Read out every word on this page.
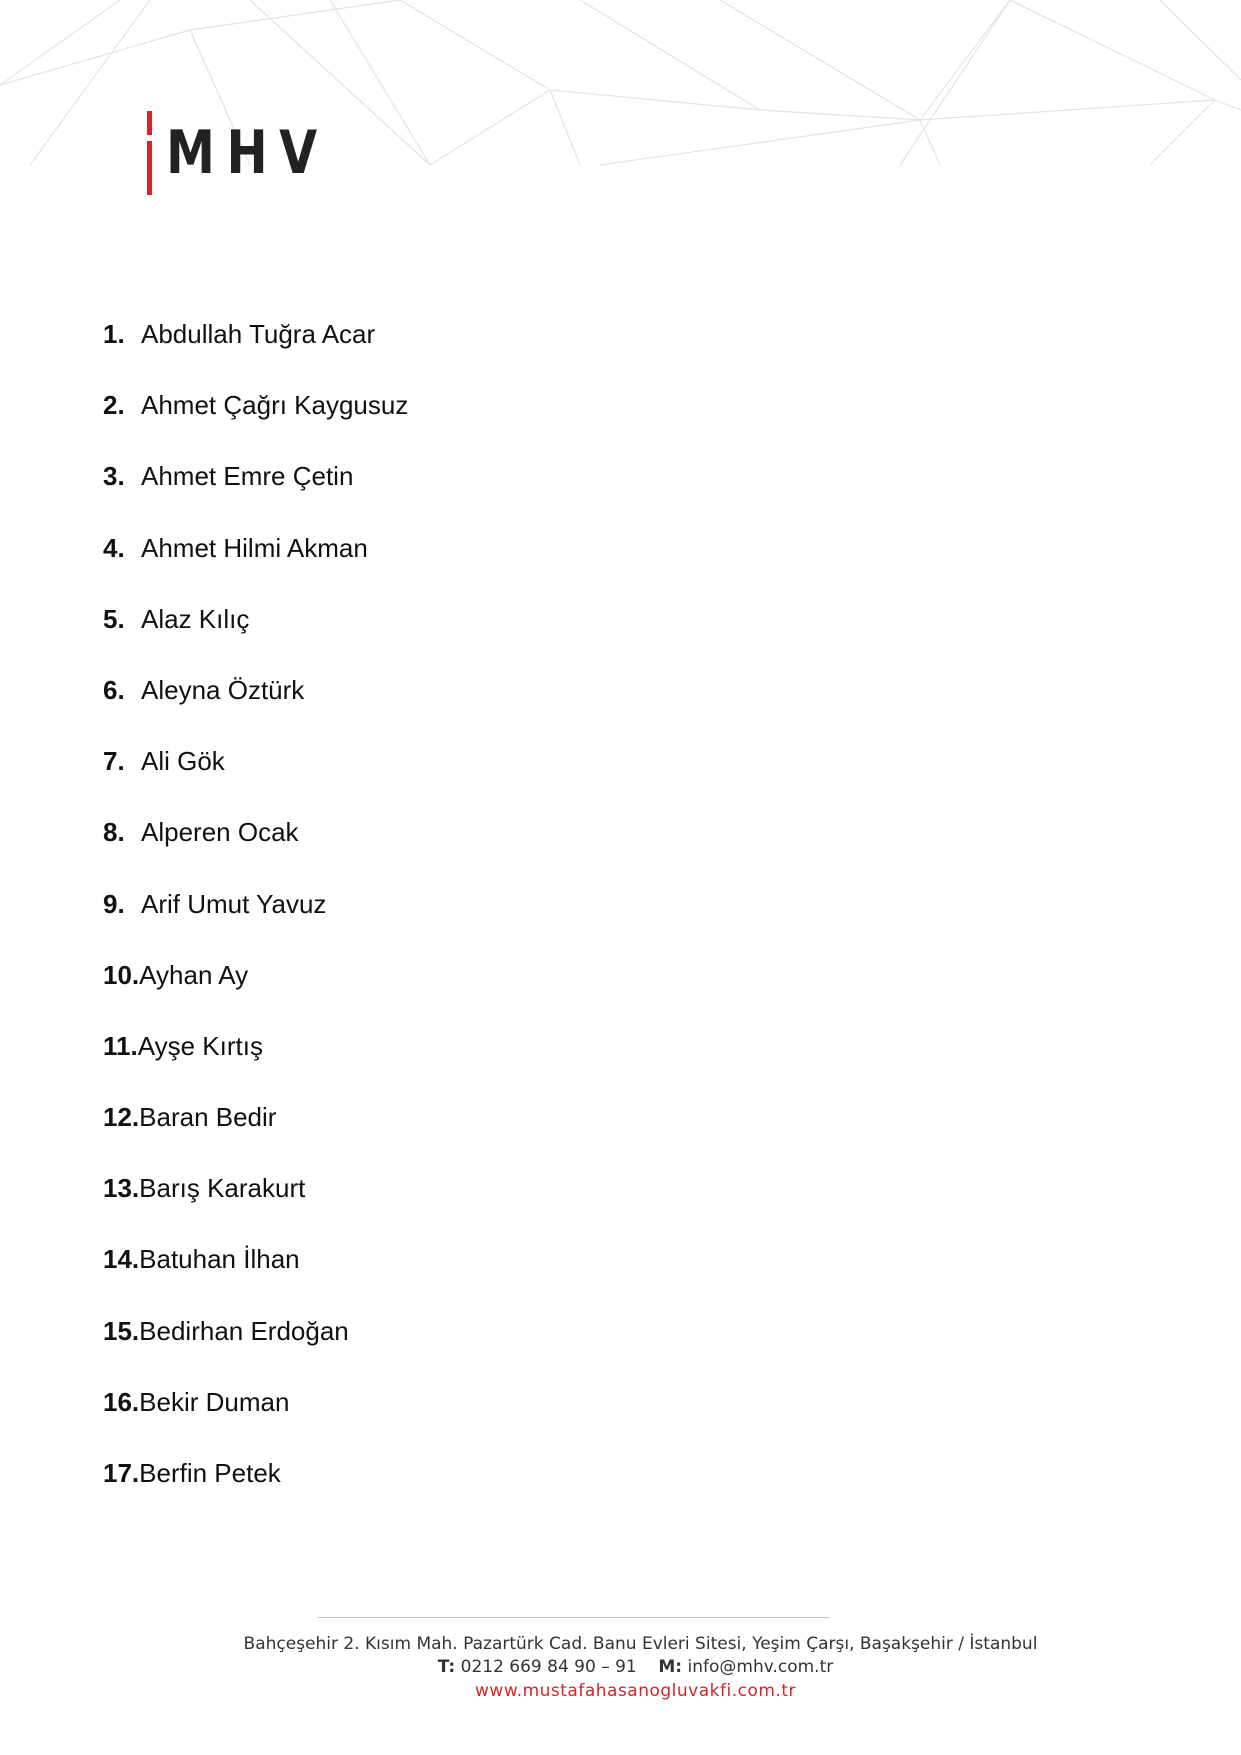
MHV
1. Abdullah Tuğra Acar
2. Ahmet Çağrı Kaygusuz
3. Ahmet Emre Çetin
4. Ahmet Hilmi Akman
5. Alaz Kılıç
6. Aleyna Öztürk
7. Ali Gök
8. Alperen Ocak
9. Arif Umut Yavuz
10. Ayhan Ay
11. Ayşe Kırtış
12. Baran Bedir
13. Barış Karakurt
14. Batuhan İlhan
15. Bedirhan Erdoğan
16. Bekir Duman
17. Berfin Petek
Bahçeşehir 2. Kısım Mah. Pazartürk Cad. Banu Evleri Sitesi, Yeşim Çarşı, Başakşehir / İstanbul
T: 0212 669 84 90 – 91 M: info@mhv.com.tr
www.mustafahasanogluvakfi.com.tr
